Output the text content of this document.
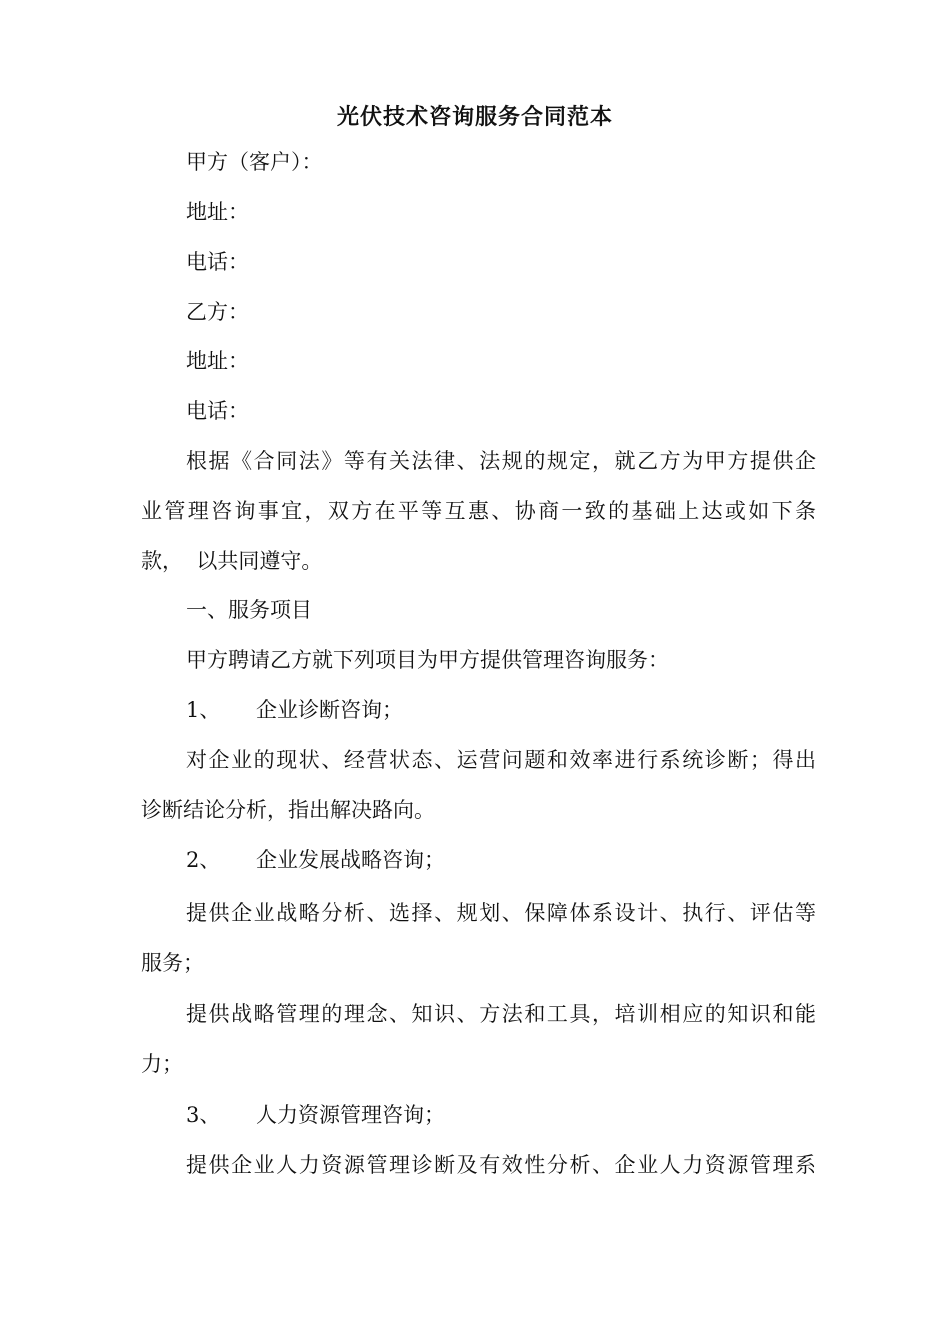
光伏技术咨询服务合同范本
甲方（客户）：
地址：
电话：
乙方：
地址：
电话：
根据《合同法》等有关法律、法规的规定，就乙方为甲方提供企
业管理咨询事宜，双方在平等互惠、协商一致的基础上达或如下条
款，  以共同遵守。
一、服务项目
甲方聘请乙方就下列项目为甲方提供管理咨询服务：
1、 企业诊断咨询；
对企业的现状、经营状态、运营问题和效率进行系统诊断；得出
诊断结论分析，指出解决路向。
2、 企业发展战略咨询；
提供企业战略分析、选择、规划、保障体系设计、执行、评估等
服务；
提供战略管理的理念、知识、方法和工具，培训相应的知识和能
力；
3、 人力资源管理咨询；
提供企业人力资源管理诊断及有效性分析、企业人力资源管理系
